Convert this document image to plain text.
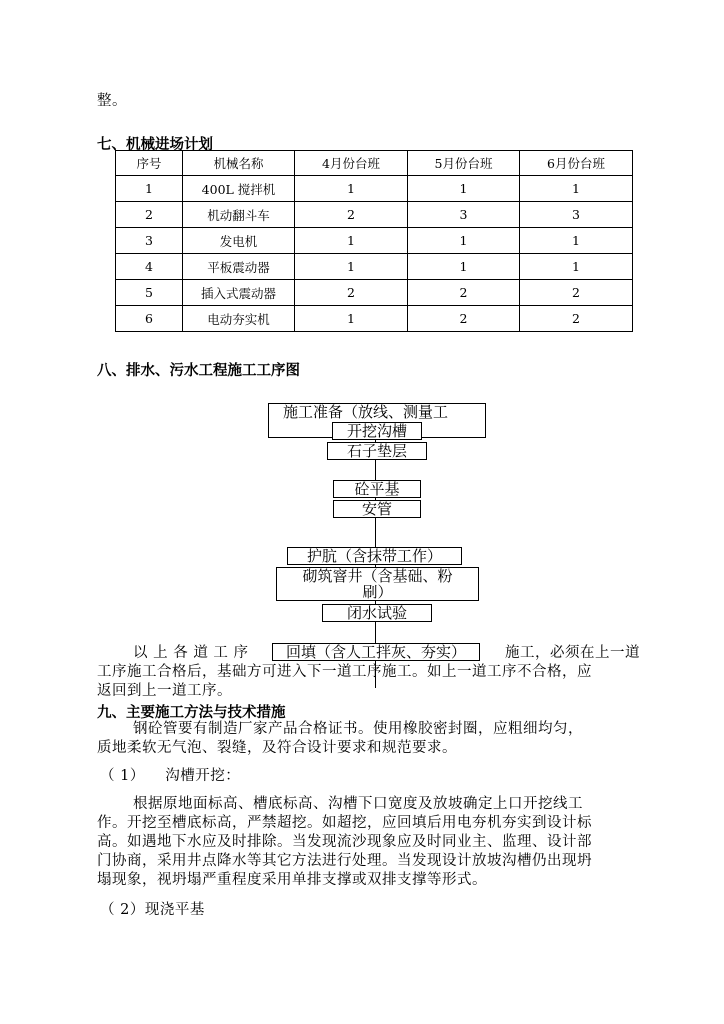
整。
七、机械进场计划
序号	机械名称	4月份台班	5月份台班	6月份台班
1	400L 搅拌机	1	1	1
2	机动翻斗车	2	3	3
3	发电机	1	1	1
4	平板震动器	1	1	1
5	插入式震动器	2	2	2
6	电动夯实机	1	2	2
八、排水、污水工程施工工序图
施工准备（放线、测量工
开挖沟槽
石子垫层
砼平基
安管
护肮（含抹带工作）
砌筑窨井（含基础、粉
刷）
闭水试验
回填（含人工拌灰、夯实）
以 上 各 道 工 序	施工，必须在上一道
工序施工合格后，基础方可进入下一道工序施工。如上一道工序不合格，应
返回到上一道工序。
九、主要施工方法与技术措施
钢砼管要有制造厂家产品合格证书。使用橡胶密封圈，应粗细均匀，
质地柔软无气泡、裂缝，及符合设计要求和规范要求。
（ 1）    沟槽开挖：
根据原地面标高、槽底标高、沟槽下口宽度及放坡确定上口开挖线工
作。开挖至槽底标高，严禁超挖。如超挖，应回填后用电夯机夯实到设计标
高。如遇地下水应及时排除。当发现流沙现象应及时同业主、监理、设计部
门协商，采用井点降水等其它方法进行处理。当发现设计放坡沟槽仍出现坍
塌现象，视坍塌严重程度采用单排支撑或双排支撑等形式。
（ 2）现浇平基
